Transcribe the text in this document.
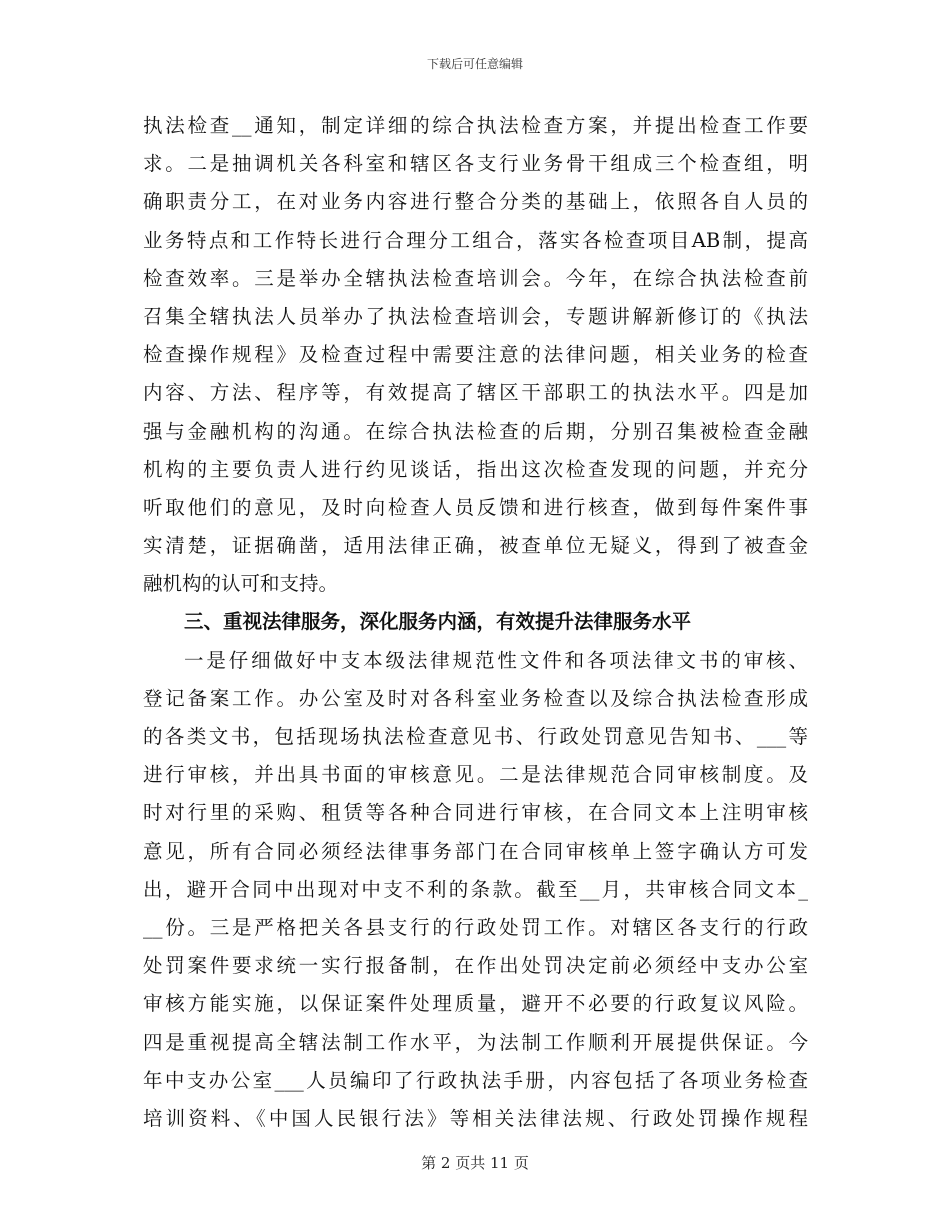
下载后可任意编辑
执法检查__通知，制定详细的综合执法检查方案，并提出检查工作要
求。二是抽调机关各科室和辖区各支行业务骨干组成三个检查组，明
确职责分工，在对业务内容进行整合分类的基础上，依照各自人员的
业务特点和工作特长进行合理分工组合，落实各检查项目AB制，提高
检查效率。三是举办全辖执法检查培训会。今年，在综合执法检查前
召集全辖执法人员举办了执法检查培训会，专题讲解新修订的《执法
检查操作规程》及检查过程中需要注意的法律问题，相关业务的检查
内容、方法、程序等，有效提高了辖区干部职工的执法水平。四是加
强与金融机构的沟通。在综合执法检查的后期，分别召集被检查金融
机构的主要负责人进行约见谈话，指出这次检查发现的问题，并充分
听取他们的意见，及时向检查人员反馈和进行核查，做到每件案件事
实清楚，证据确凿，适用法律正确，被查单位无疑义，得到了被查金
融机构的认可和支持。
三、重视法律服务，深化服务内涵，有效提升法律服务水平
一是仔细做好中支本级法律规范性文件和各项法律文书的审核、
登记备案工作。办公室及时对各科室业务检查以及综合执法检查形成
的各类文书，包括现场执法检查意见书、行政处罚意见告知书、___等
进行审核，并出具书面的审核意见。二是法律规范合同审核制度。及
时对行里的采购、租赁等各种合同进行审核，在合同文本上注明审核
意见，所有合同必须经法律事务部门在合同审核单上签字确认方可发
出，避开合同中出现对中支不利的条款。截至__月，共审核合同文本_
__份。三是严格把关各县支行的行政处罚工作。对辖区各支行的行政
处罚案件要求统一实行报备制，在作出处罚决定前必须经中支办公室
审核方能实施，以保证案件处理质量，避开不必要的行政复议风险。
四是重视提高全辖法制工作水平，为法制工作顺利开展提供保证。今
年中支办公室___人员编印了行政执法手册，内容包括了各项业务检查
培训资料、《中国人民银行法》等相关法律法规、行政处罚操作规程
第 2 页共 11 页
